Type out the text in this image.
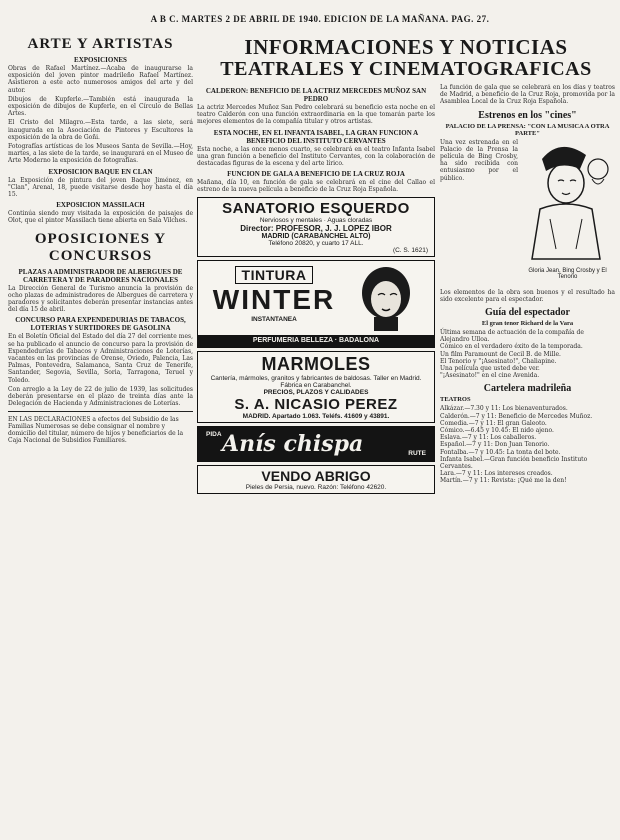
A B C. MARTES 2 DE ABRIL DE 1940. EDICION DE LA MAÑANA. PAG. 27.
INFORMACIONES Y NOTICIAS
TEATRALES Y CINEMATOGRAFICAS
ARTE Y ARTISTAS
EXPOSICIONES

Obras de Rafael Martínez.—Acaba de inaugurarse la exposición del joven pintor madrileño Rafael Martínez. Asistieron a este acto numerosos amigos del arte y del autor.

Dibujos de Kupferle.—También está inaugurada la exposición de dibujos de Kupferle, en el Círculo de Bellas Artes.

El Cristo del Milagro.—Esta tarde, a las siete, será inaugurada en la Asociación de Pintores y Escultores la exposición de la obra de Goñi.

Fotografías artísticas de los Museos Santa de Sevilla.—Hoy, martes, a las siete de la tarde, se inaugurará en el Museo de Arte Moderno la exposición de fotografías.

EXPOSICION BAQUE EN CLAN

La Exposición de pintura del joven Baque Jiménez, en "Clan", Arenal, 18, puede visitarse desde hoy hasta el día 15.

EXPOSICION MASSILACH

Continúa siendo muy visitada la exposición de paisajes de Olot, que el pintor Massilach tiene abierta en Sala Vilches.

OPOSICIONES Y CONCURSOS
PLAZAS A ADMINISTRADOR DE ALBERGUES DE CARRETERA Y DE PARADORES NACIONALES

La Dirección General de Turismo anuncia la provisión de ocho plazas de administradores de Albergues de carretera y paradores y solicitantes deberán presentar instancias antes del día 15 de abril.

CONCURSO PARA EXPENDEDURIAS DE TABACOS, LOTERIAS Y SURTIDORES DE GASOLINA

En el Boletín Oficial del Estado del día 27 del corriente mes, se ha publicado el anuncio de concurso para la provisión de Expendedurías de Tabacos y Administraciones de Loterías, vacantes en las provincias de Orense, Oviedo, Palencia, Las Palmas, Pontevedra, Salamanca, Santa Cruz de Tenerife, Santander, Segovia, Sevilla, Soria, Tarragona, Teruel y Toledo.

Con arreglo a la Ley de 22 de julio de 1939, las solicitudes deberán presentarse en el plazo de treinta días ante la Delegación de Hacienda y Administraciones de Loterías.

EN LAS DECLARACIONES a efectos del Subsidio de las Familias Numerosas se debe consignar el nombre y domicilio del titular, número de hijos y beneficiarios de la Caja Nacional de Subsidios Familiares.

CALDERON: BENEFICIO DE LA ACTRIZ MERCEDES MUÑOZ SAN PEDRO

La actriz Mercedes Muñoz San Pedro celebrará su beneficio esta noche en el teatro Calderón con una función extraordinaria en la que tomarán parte los mejores elementos de la compañía titular y otros artistas.

ESTA NOCHE, EN EL INFANTA ISABEL, LA GRAN FUNCION A BENEFICIO DEL INSTITUTO CERVANTES

Esta noche, a las once menos cuarto, se celebrará en el teatro Infanta Isabel una gran función a beneficio del Instituto Cervantes, con la colaboración de destacadas figuras de la escena y del arte lírico.

FUNCION DE GALA A BENEFICIO DE LA CRUZ ROJA

Mañana, día 10, en función de gala se celebrará en el cine del Callao el estreno de la nueva película a beneficio de la Cruz Roja Española.

SANATORIO ESQUERDO
Nerviosos y mentales · Aguas cloradas
Director: PROFESOR, J. J. LOPEZ IBOR
MADRID (CARABANCHEL ALTO)
Teléfono 20820, y cuarto 17 ALL.
(C. S. 1621)
TINTURA
WINTER
INSTANTANEA
PERFUMERIA BELLEZA · BADALONA
MARMOLES
Cantería, mármoles, granitos y fabricantes de baldosas. Taller en Madrid. Fábrica en Carabanchel.
PRECIOS, PLAZOS Y CALIDADES
S. A. NICASIO PEREZ
MADRID. Apartado 1.063. Teléfs. 41609 y 43891.
PIDA Anís chispa	RUTE
VENDO ABRIGO
Pieles de Persia, nuevo. Razón: Teléfono 42620.

La función de gala que se celebrará en los días y teatros de Madrid, a beneficio de la Cruz Roja, promovida por la Asamblea Local de la Cruz Roja Española.

Estrenos en los "cines"
PALACIO DE LA PRENSA: "CON LA MUSICA A OTRA PARTE"

Una vez estrenada en el Palacio de la Prensa la película de Bing Crosby, ha sido recibida con entusiasmo por el público.

Gloria Jean, Bing Crosby y El Tenorio

Los elementos de la obra son buenos y el resultado ha sido excelente para el espectador.

Guía del espectador
El gran tenor Richard de la Vara
Última semana de actuación de la compañía de Alejandro Ulloa.
Cómico en el verdadero éxito de la temporada.
Un film Paramount de Cecil B. de Mille.
El Tenorio y "¡Asesinato!", Chaliapine.
Una película que usted debe ver.
"¡Asesinato!" en el cine Avenida.
Cartelera madrileña
TEATROS
Alkázar.—7.30 y 11: Los bienaventurados.
Calderón.—7 y 11: Beneficio de Mercedes Muñoz.
Comedia.—7 y 11: El gran Galeoto.
Cómico.—6.45 y 10.45: El nido ajeno.
Eslava.—7 y 11: Los caballeros.
Español.—7 y 11: Don Juan Tenorio.
Fontalba.—7 y 10.45: La tonta del bote.
Infanta Isabel.—Gran función beneficio Instituto Cervantes.
Lara.—7 y 11: Los intereses creados.
Martín.—7 y 11: Revista: ¡Qué me la den!
